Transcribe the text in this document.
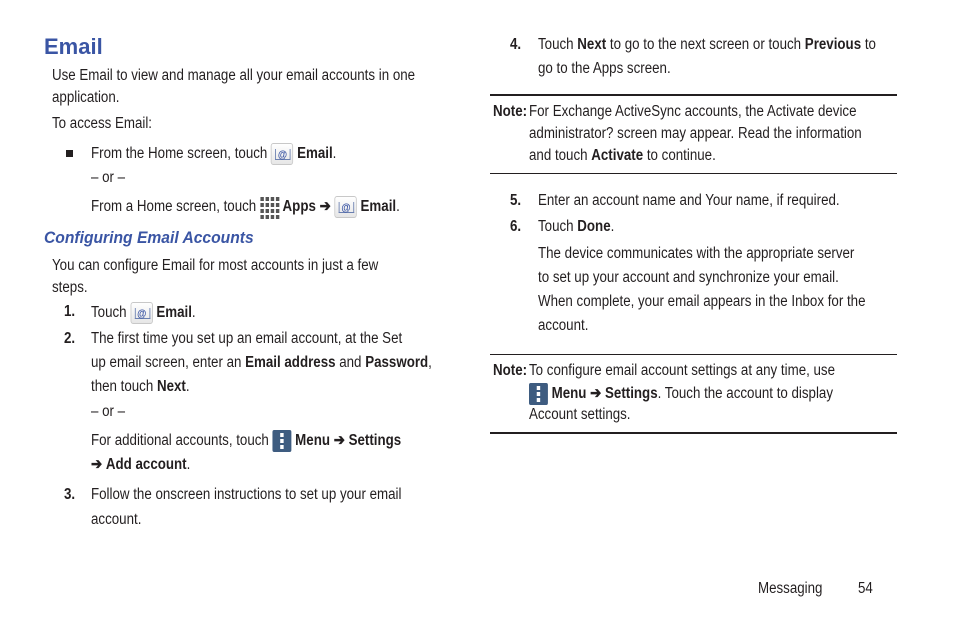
Email
Use Email to view and manage all your email accounts in one
application.
To access Email:
From the Home screen, touch @ Email.
– or –
From a Home screen, touch Apps ➔ @ Email.
Configuring Email Accounts
You can configure Email for most accounts in just a few
steps.
1. Touch @ Email.
2. The first time you set up an email account, at the Set
up email screen, enter an Email address and Password,
then touch Next.
– or –
For additional accounts, touch Menu ➔ Settings
➔ Add account.
3. Follow the onscreen instructions to set up your email
account.
4. Touch Next to go to the next screen or touch Previous to
go to the Apps screen.
Note: For Exchange ActiveSync accounts, the Activate device
administrator? screen may appear. Read the information
and touch Activate to continue.
5. Enter an account name and Your name, if required.
6. Touch Done.
The device communicates with the appropriate server
to set up your account and synchronize your email.
When complete, your email appears in the Inbox for the
account.
Note: To configure email account settings at any time, use
Menu ➔ Settings. Touch the account to display
Account settings.
Messaging 54
